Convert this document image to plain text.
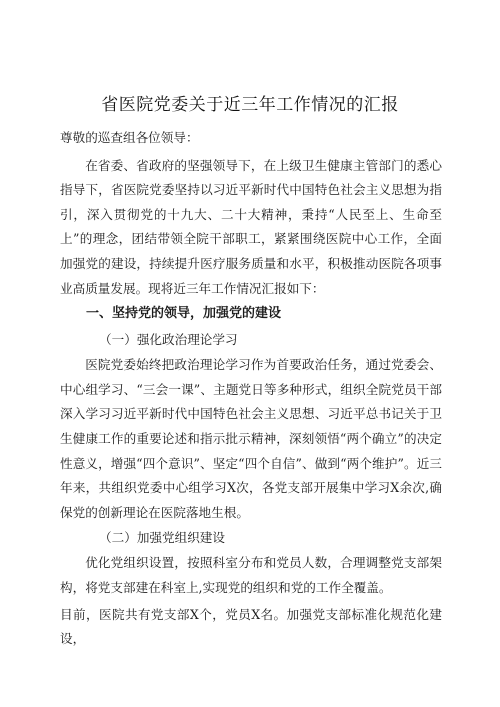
省医院党委关于近三年工作情况的汇报

尊敬的巡查组各位领导：

在省委、省政府的坚强领导下，在上级卫生健康主管部门的悉心指导下，省医院党委坚持以习近平新时代中国特色社会主义思想为指引，深入贯彻党的十九大、二十大精神，秉持“人民至上、生命至上”的理念，团结带领全院干部职工，紧紧围绕医院中心工作，全面加强党的建设，持续提升医疗服务质量和水平，积极推动医院各项事业高质量发展。现将近三年工作情况汇报如下：

一、坚持党的领导，加强党的建设

（一）强化政治理论学习

医院党委始终把政治理论学习作为首要政治任务，通过党委会、中心组学习、“三会一课”、主题党日等多种形式，组织全院党员干部深入学习习近平新时代中国特色社会主义思想、习近平总书记关于卫生健康工作的重要论述和指示批示精神，深刻领悟“两个确立”的决定性意义，增强“四个意识”、坚定“四个自信”、做到“两个维护”。近三年来，共组织党委中心组学习X次，各党支部开展集中学习X余次,确保党的创新理论在医院落地生根。

（二）加强党组织建设

优化党组织设置，按照科室分布和党员人数，合理调整党支部架构，将党支部建在科室上,实现党的组织和党的工作全覆盖。

目前，医院共有党支部X个，党员X名。加强党支部标准化规范化建设，
